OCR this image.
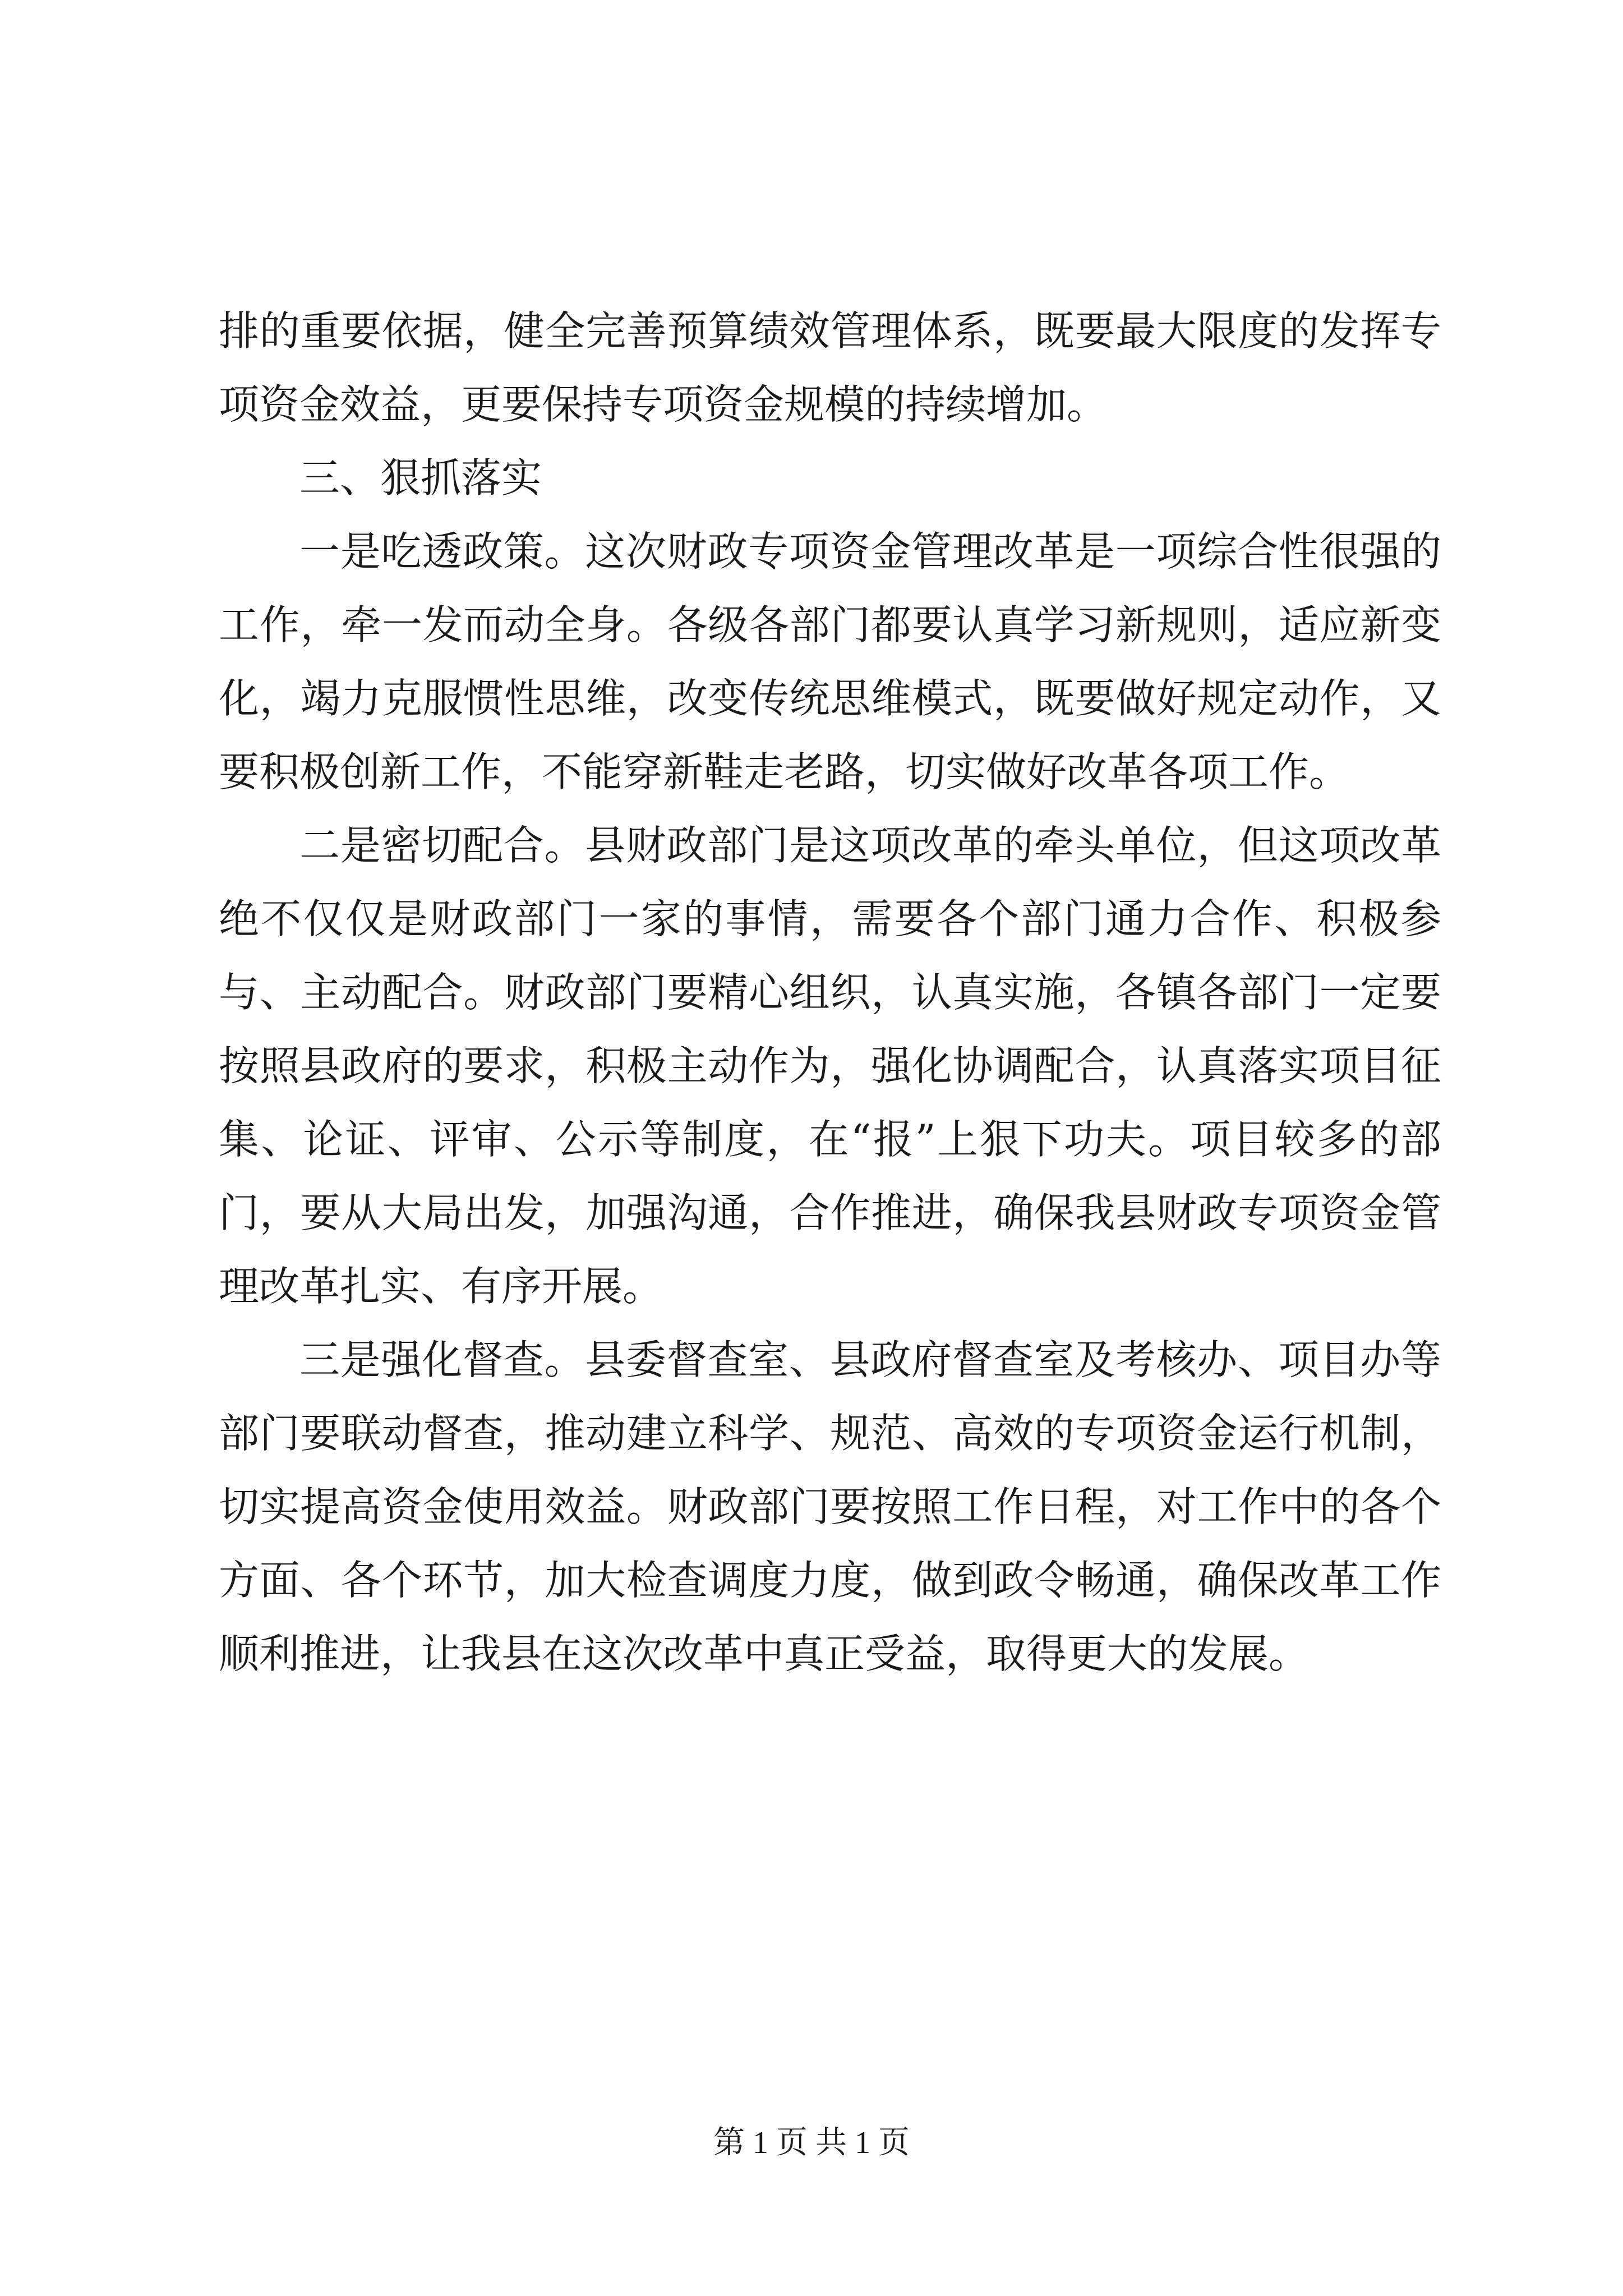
排的重要依据，健全完善预算绩效管理体系，既要最大限度的发挥专项资金效益，更要保持专项资金规模的持续增加。

三、狠抓落实

一是吃透政策。这次财政专项资金管理改革是一项综合性很强的工作，牵一发而动全身。各级各部门都要认真学习新规则，适应新变化，竭力克服惯性思维，改变传统思维模式，既要做好规定动作，又要积极创新工作，不能穿新鞋走老路，切实做好改革各项工作。

二是密切配合。县财政部门是这项改革的牵头单位，但这项改革绝不仅仅是财政部门一家的事情，需要各个部门通力合作、积极参与、主动配合。财政部门要精心组织，认真实施，各镇各部门一定要按照县政府的要求，积极主动作为，强化协调配合，认真落实项目征集、论证、评审、公示等制度，在“报”上狠下功夫。项目较多的部门，要从大局出发，加强沟通，合作推进，确保我县财政专项资金管理改革扎实、有序开展。

三是强化督查。县委督查室、县政府督查室及考核办、项目办等部门要联动督查，推动建立科学、规范、高效的专项资金运行机制，切实提高资金使用效益。财政部门要按照工作日程，对工作中的各个方面、各个环节，加大检查调度力度，做到政令畅通，确保改革工作顺利推进，让我县在这次改革中真正受益，取得更大的发展。

第 1 页 共 1 页
